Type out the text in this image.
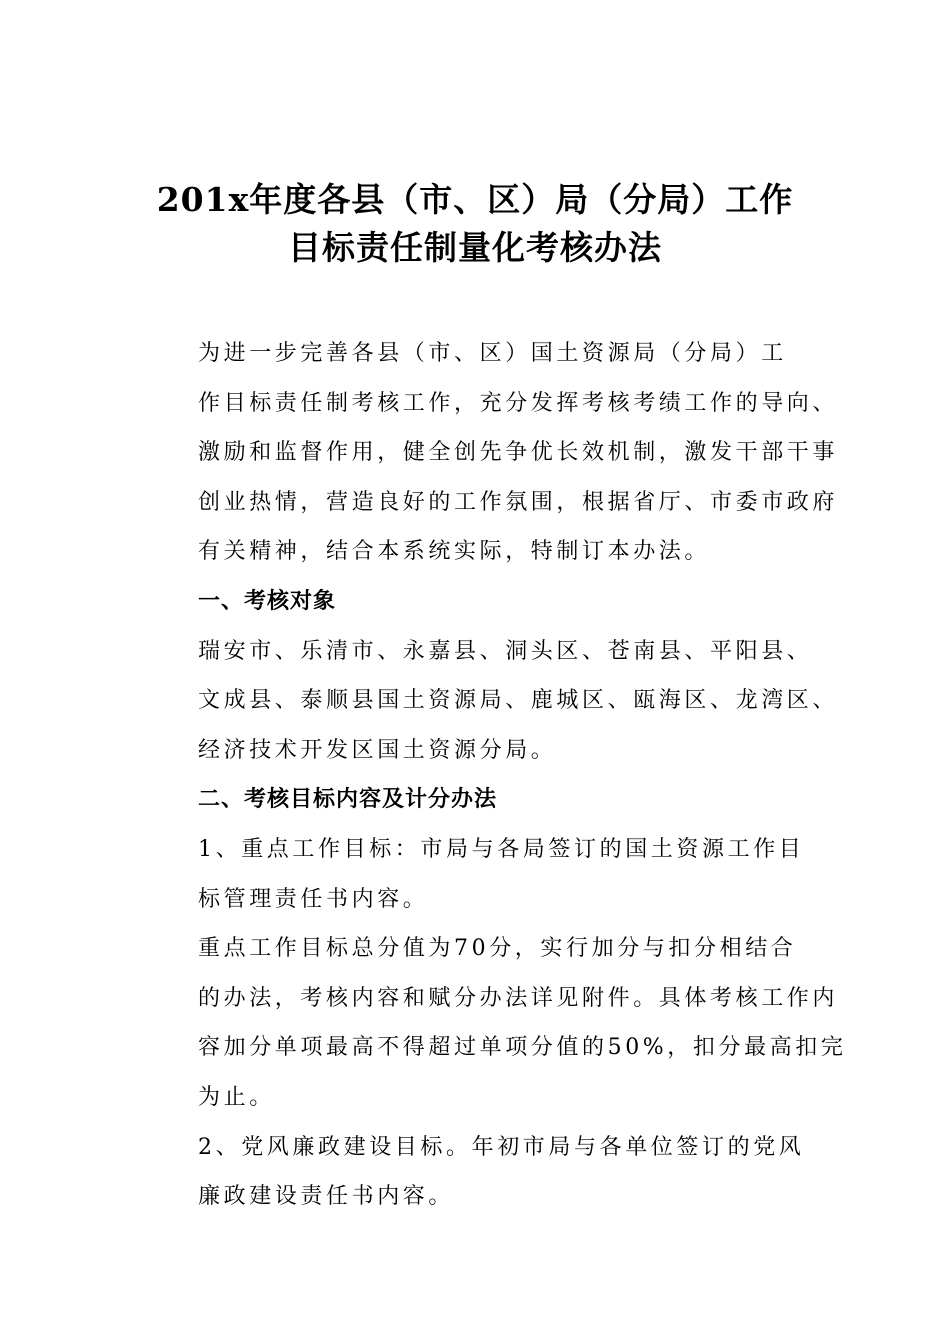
201x年度各县（市、区）局（分局）工作
目标责任制量化考核办法

为进一步完善各县（市、区）国土资源局（分局）工
作目标责任制考核工作，充分发挥考核考绩工作的导向、
激励和监督作用，健全创先争优长效机制，激发干部干事
创业热情，营造良好的工作氛围，根据省厅、市委市政府
有关精神，结合本系统实际，特制订本办法。

一、考核对象

瑞安市、乐清市、永嘉县、洞头区、苍南县、平阳县、
文成县、泰顺县国土资源局、鹿城区、瓯海区、龙湾区、
经济技术开发区国土资源分局。

二、考核目标内容及计分办法

1、重点工作目标：市局与各局签订的国土资源工作目
标管理责任书内容。

重点工作目标总分值为70分，实行加分与扣分相结合
的办法，考核内容和赋分办法详见附件。具体考核工作内
容加分单项最高不得超过单项分值的50%，扣分最高扣完
为止。

2、党风廉政建设目标。年初市局与各单位签订的党风
廉政建设责任书内容。
